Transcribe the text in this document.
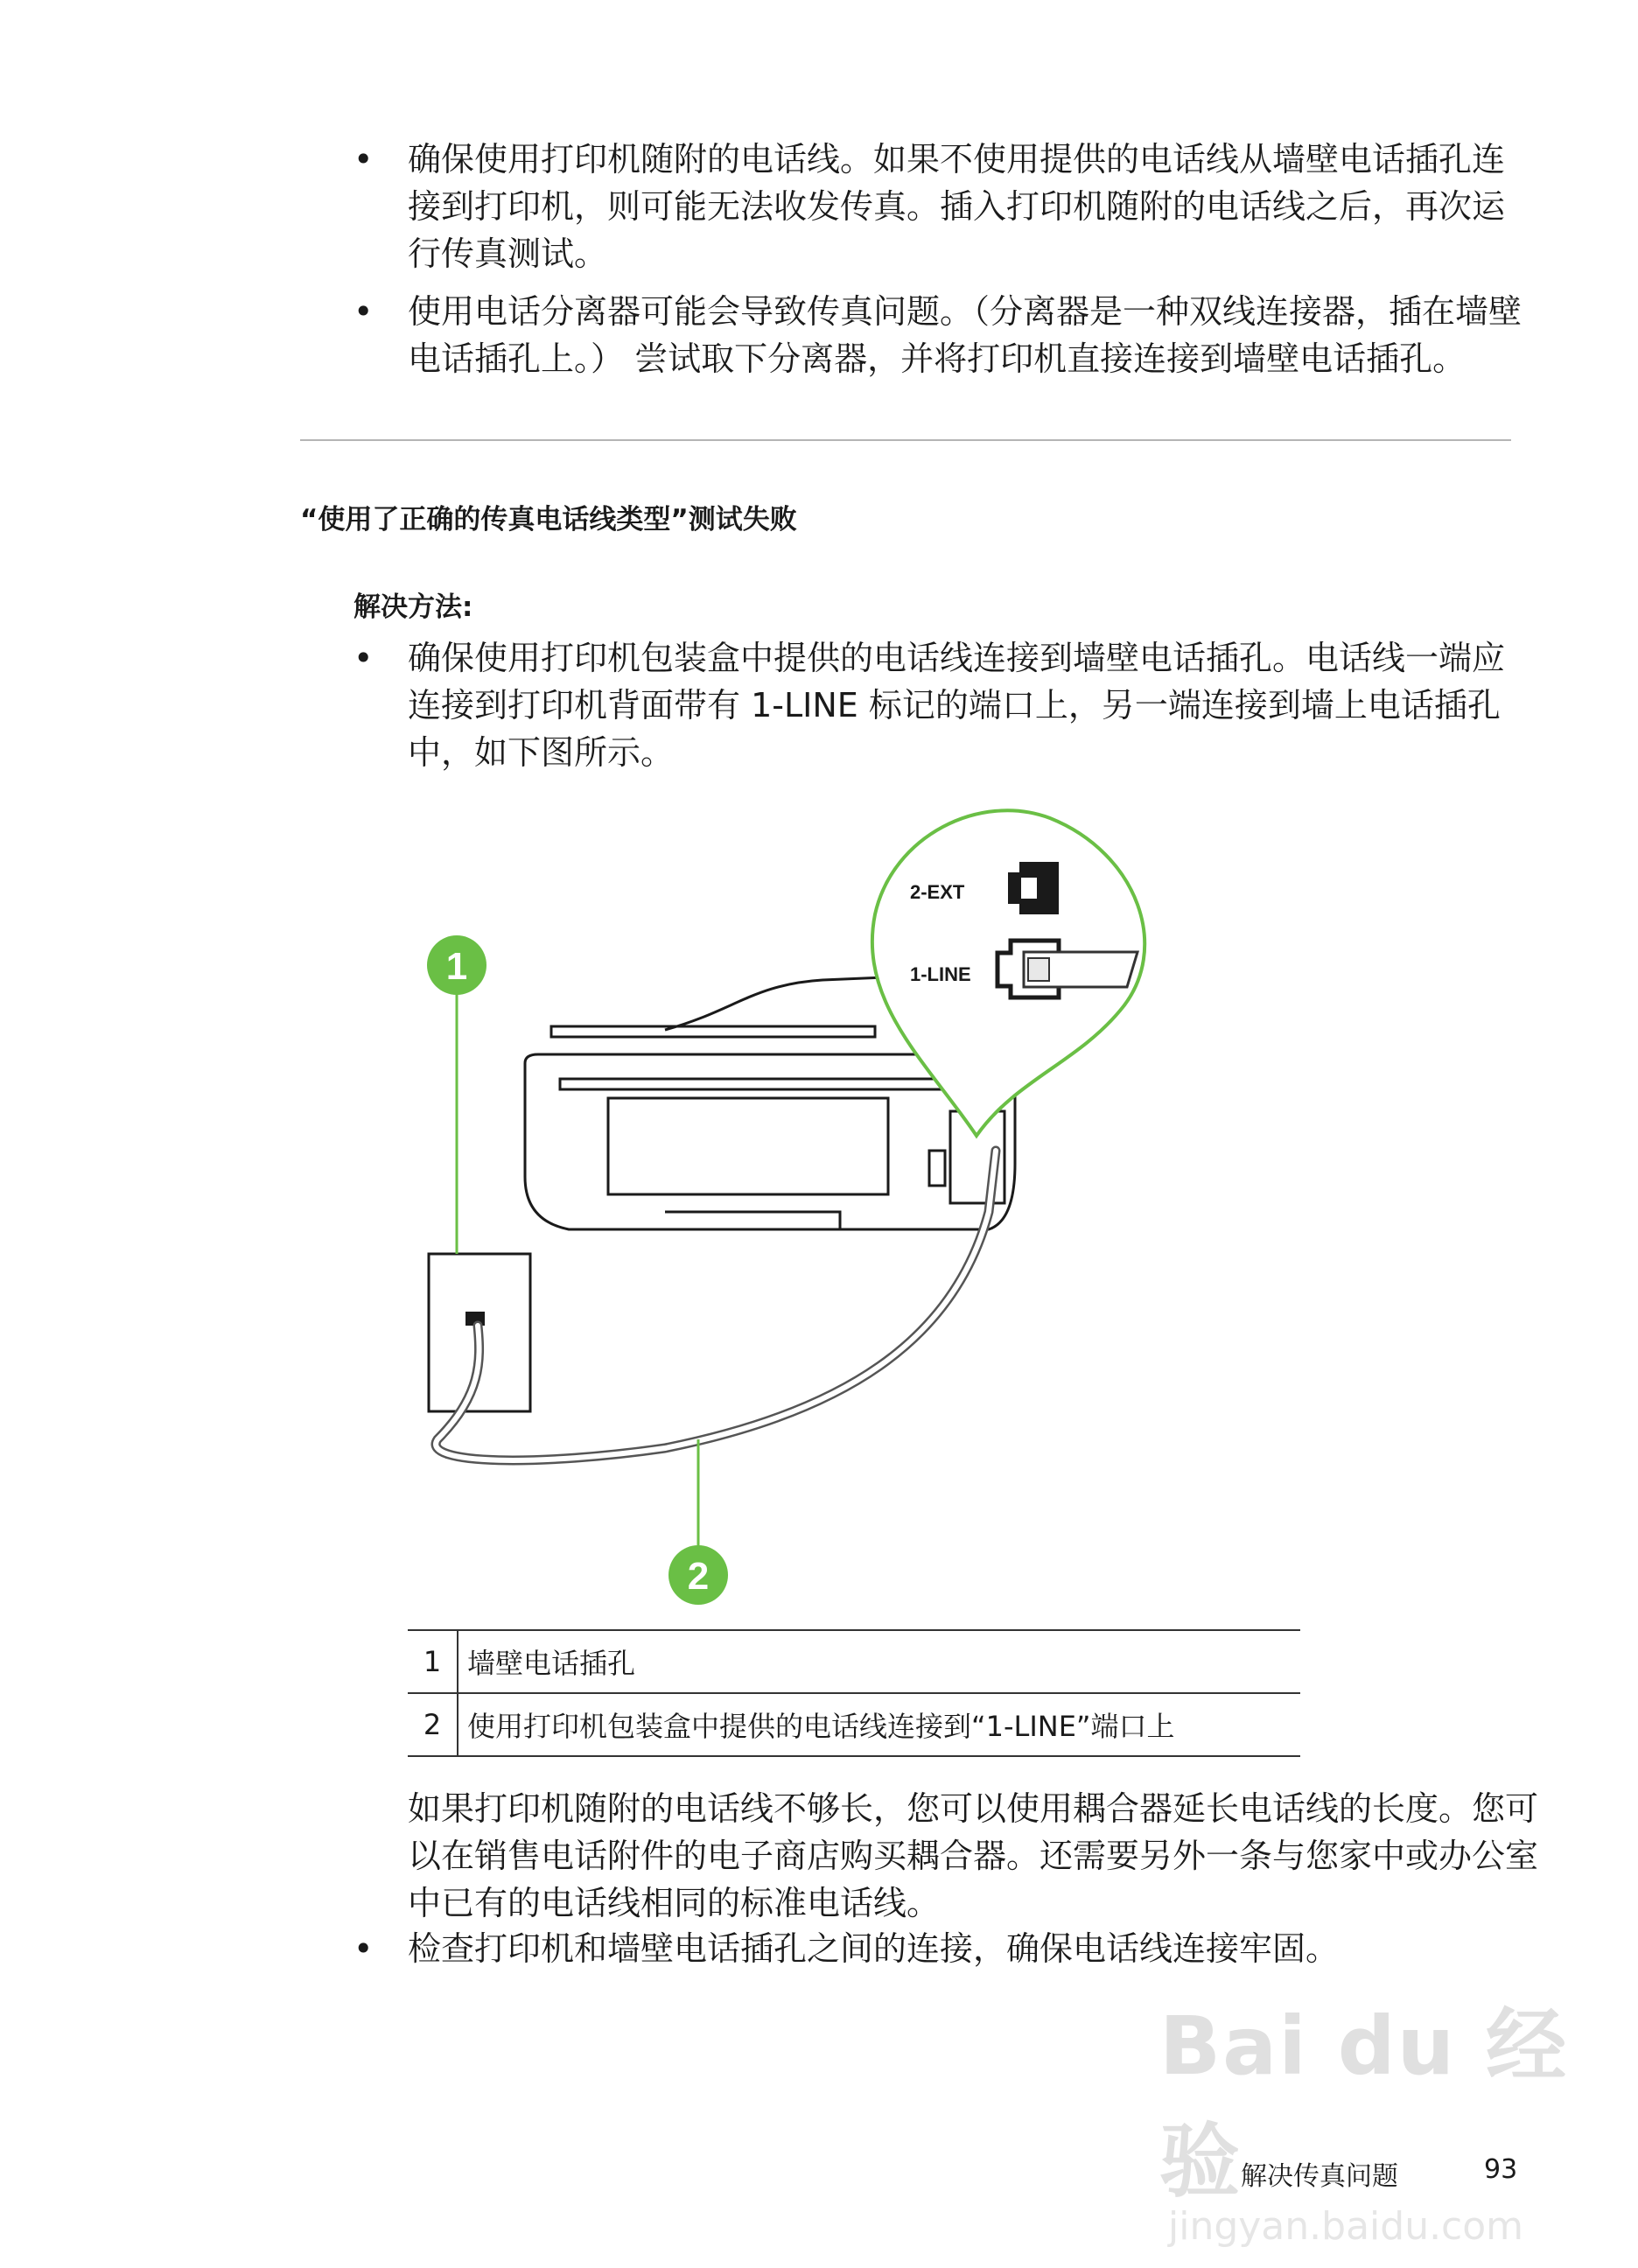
• 确保使用打印机随附的电话线。如果不使用提供的电话线从墙壁电话插孔连接到打印机，则可能无法收发传真。插入打印机随附的电话线之后，再次运行传真测试。
• 使用电话分离器可能会导致传真问题。（分离器是一种双线连接器，插在墙壁电话插孔上。） 尝试取下分离器，并将打印机直接连接到墙壁电话插孔。
“使用了正确的传真电话线类型”测试失败
解决方法:
• 确保使用打印机包装盒中提供的电话线连接到墙壁电话插孔。电话线一端应连接到打印机背面带有 1-LINE 标记的端口上，另一端连接到墙上电话插孔中，如下图所示。
2-EXT
1-LINE
1
2
1	墙壁电话插孔
2	使用打印机包装盒中提供的电话线连接到“1-LINE”端口上
如果打印机随附的电话线不够长，您可以使用耦合器延长电话线的长度。您可以在销售电话附件的电子商店购买耦合器。还需要另外一条与您家中或办公室中已有的电话线相同的标准电话线。
• 检查打印机和墙壁电话插孔之间的连接，确保电话线连接牢固。
Bai du 经验
jingyan.baidu.com
解决传真问题	93
